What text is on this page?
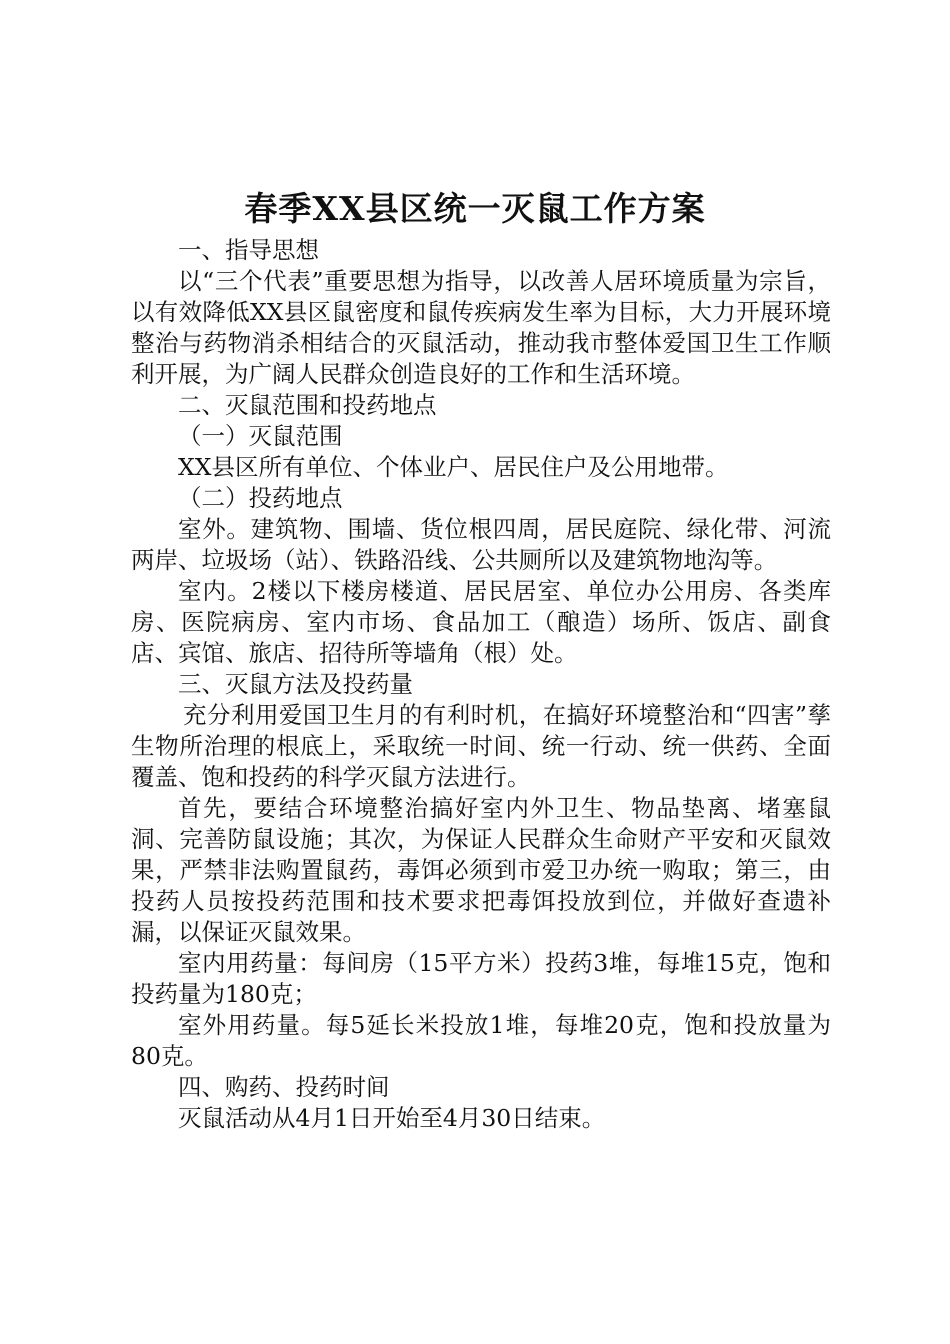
春季XX县区统一灭鼠工作方案

一、指导思想

以“三个代表”重要思想为指导，以改善人居环境质量为宗旨，以有效降低XX县区鼠密度和鼠传疾病发生率为目标，大力开展环境整治与药物消杀相结合的灭鼠活动，推动我市整体爱国卫生工作顺利开展，为广阔人民群众创造良好的工作和生活环境。

二、灭鼠范围和投药地点

（一）灭鼠范围

XX县区所有单位、个体业户、居民住户及公用地带。

（二）投药地点

室外。建筑物、围墙、货位根四周，居民庭院、绿化带、河流两岸、垃圾场（站）、铁路沿线、公共厕所以及建筑物地沟等。

室内。2楼以下楼房楼道、居民居室、单位办公用房、各类库房、医院病房、室内市场、食品加工（酿造）场所、饭店、副食店、宾馆、旅店、招待所等墙角（根）处。

三、灭鼠方法及投药量

充分利用爱国卫生月的有利时机，在搞好环境整治和“四害”孳生物所治理的根底上，采取统一时间、统一行动、统一供药、全面覆盖、饱和投药的科学灭鼠方法进行。

首先，要结合环境整治搞好室内外卫生、物品垫离、堵塞鼠洞、完善防鼠设施；其次，为保证人民群众生命财产平安和灭鼠效果，严禁非法购置鼠药，毒饵必须到市爱卫办统一购取；第三，由投药人员按投药范围和技术要求把毒饵投放到位，并做好查遗补漏，以保证灭鼠效果。

室内用药量：每间房（15平方米）投药3堆，每堆15克，饱和投药量为180克；

室外用药量。每5延长米投放1堆，每堆20克，饱和投放量为80克。

四、购药、投药时间

灭鼠活动从4月1日开始至4月30日结束。
